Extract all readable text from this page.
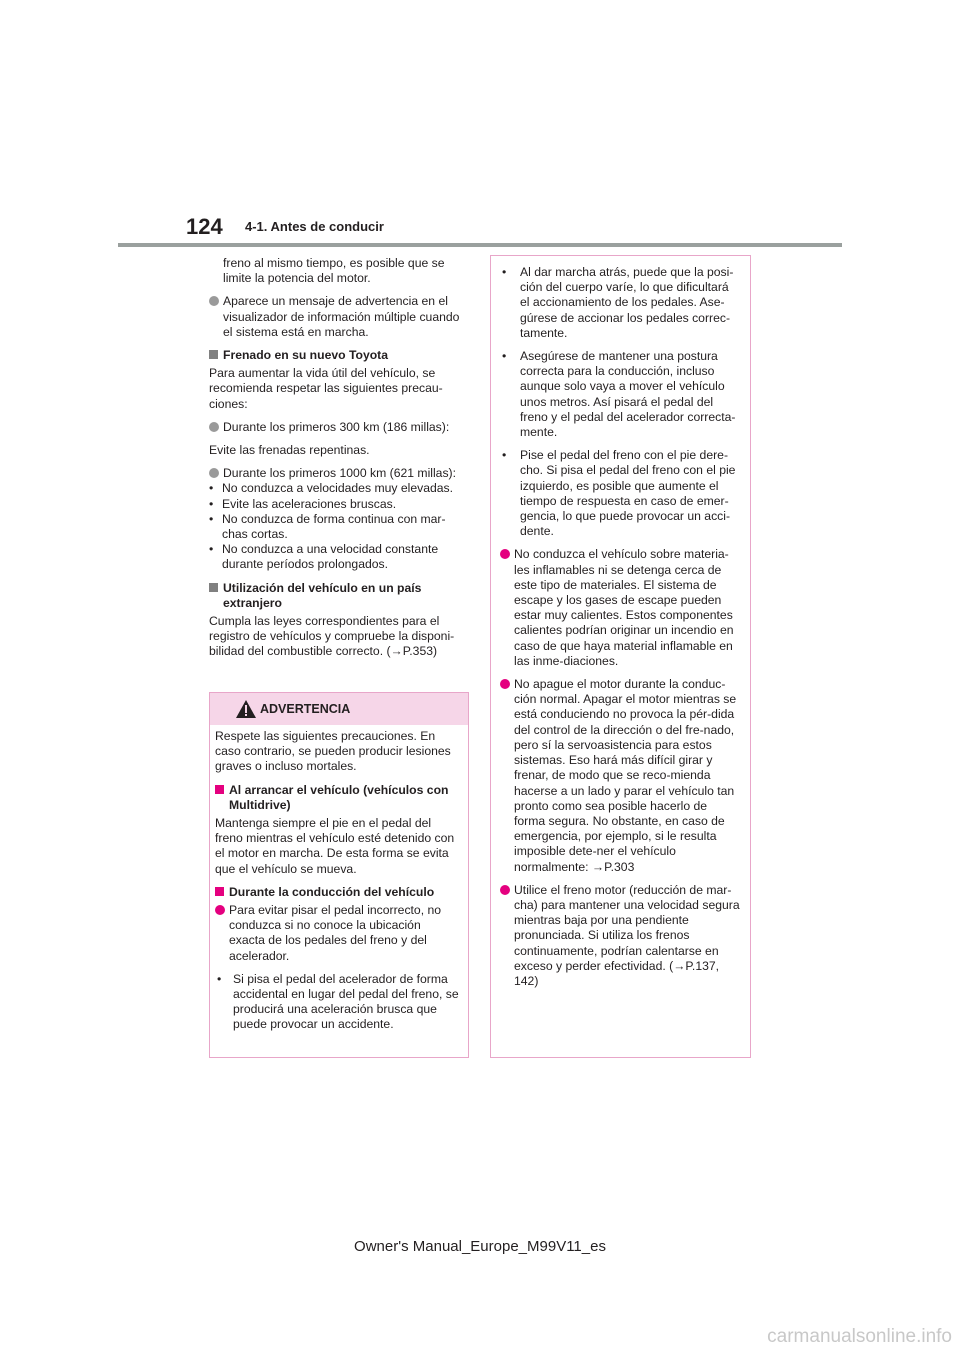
124 4-1. Antes de conducir

freno al mismo tiempo, es posible que se limite la potencia del motor.

Aparece un mensaje de advertencia en el visualizador de información múltiple cuando el sistema está en marcha.
Frenado en su nuevo Toyota

Para aumentar la vida útil del vehículo, se recomienda respetar las siguientes precau-ciones:

Durante los primeros 300 km (186 millas):

Evite las frenadas repentinas.

Durante los primeros 1000 km (621 millas):
• No conduzca a velocidades muy elevadas.
• Evite las aceleraciones bruscas.
• No conduzca de forma continua con mar-chas cortas.
• No conduzca a una velocidad constante durante períodos prolongados.
Utilización del vehículo en un país extranjero

Cumpla las leyes correspondientes para el registro de vehículos y compruebe la disponi-bilidad del combustible correcto. (→P.353)

ADVERTENCIA

Respete las siguientes precauciones. En caso contrario, se pueden producir lesiones graves o incluso mortales.

Al arrancar el vehículo (vehículos con Multidrive)

Mantenga siempre el pie en el pedal del freno mientras el vehículo esté detenido con el motor en marcha. De esta forma se evita que el vehículo se mueva.

Durante la conducción del vehículo
Para evitar pisar el pedal incorrecto, no conduzca si no conoce la ubicación exacta de los pedales del freno y del acelerador.
• Si pisa el pedal del acelerador de forma accidental en lugar del pedal del freno, se producirá una aceleración brusca que puede provocar un accidente.
• Al dar marcha atrás, puede que la posi-ción del cuerpo varíe, lo que dificultará el accionamiento de los pedales. Ase-gúrese de accionar los pedales correc-tamente.
• Asegúrese de mantener una postura correcta para la conducción, incluso aunque solo vaya a mover el vehículo unos metros. Así pisará el pedal del freno y el pedal del acelerador correcta-mente.
• Pise el pedal del freno con el pie dere-cho. Si pisa el pedal del freno con el pie izquierdo, es posible que aumente el tiempo de respuesta en caso de emer-gencia, lo que puede provocar un acci-dente.
No conduzca el vehículo sobre materia-les inflamables ni se detenga cerca de este tipo de materiales. El sistema de escape y los gases de escape pueden estar muy calientes. Estos componentes calientes podrían originar un incendio en caso de que haya material inflamable en las inme-diaciones.
No apague el motor durante la conduc-ción normal. Apagar el motor mientras se está conduciendo no provoca la pér-dida del control de la dirección o del fre-nado, pero sí la servoasistencia para estos sistemas. Eso hará más difícil girar y frenar, de modo que se reco-mienda hacerse a un lado y parar el vehículo tan pronto como sea posible hacerlo de forma segura. No obstante, en caso de emergencia, por ejemplo, si le resulta imposible dete-ner el vehículo normalmente: →P.303
Utilice el freno motor (reducción de mar-cha) para mantener una velocidad segura mientras baja por una pendiente pronunciada. Si utiliza los frenos continuamente, podrían calentarse en exceso y perder efectividad. (→P.137, 142)
Owner's Manual_Europe_M99V11_es
carmanualsonline.info
